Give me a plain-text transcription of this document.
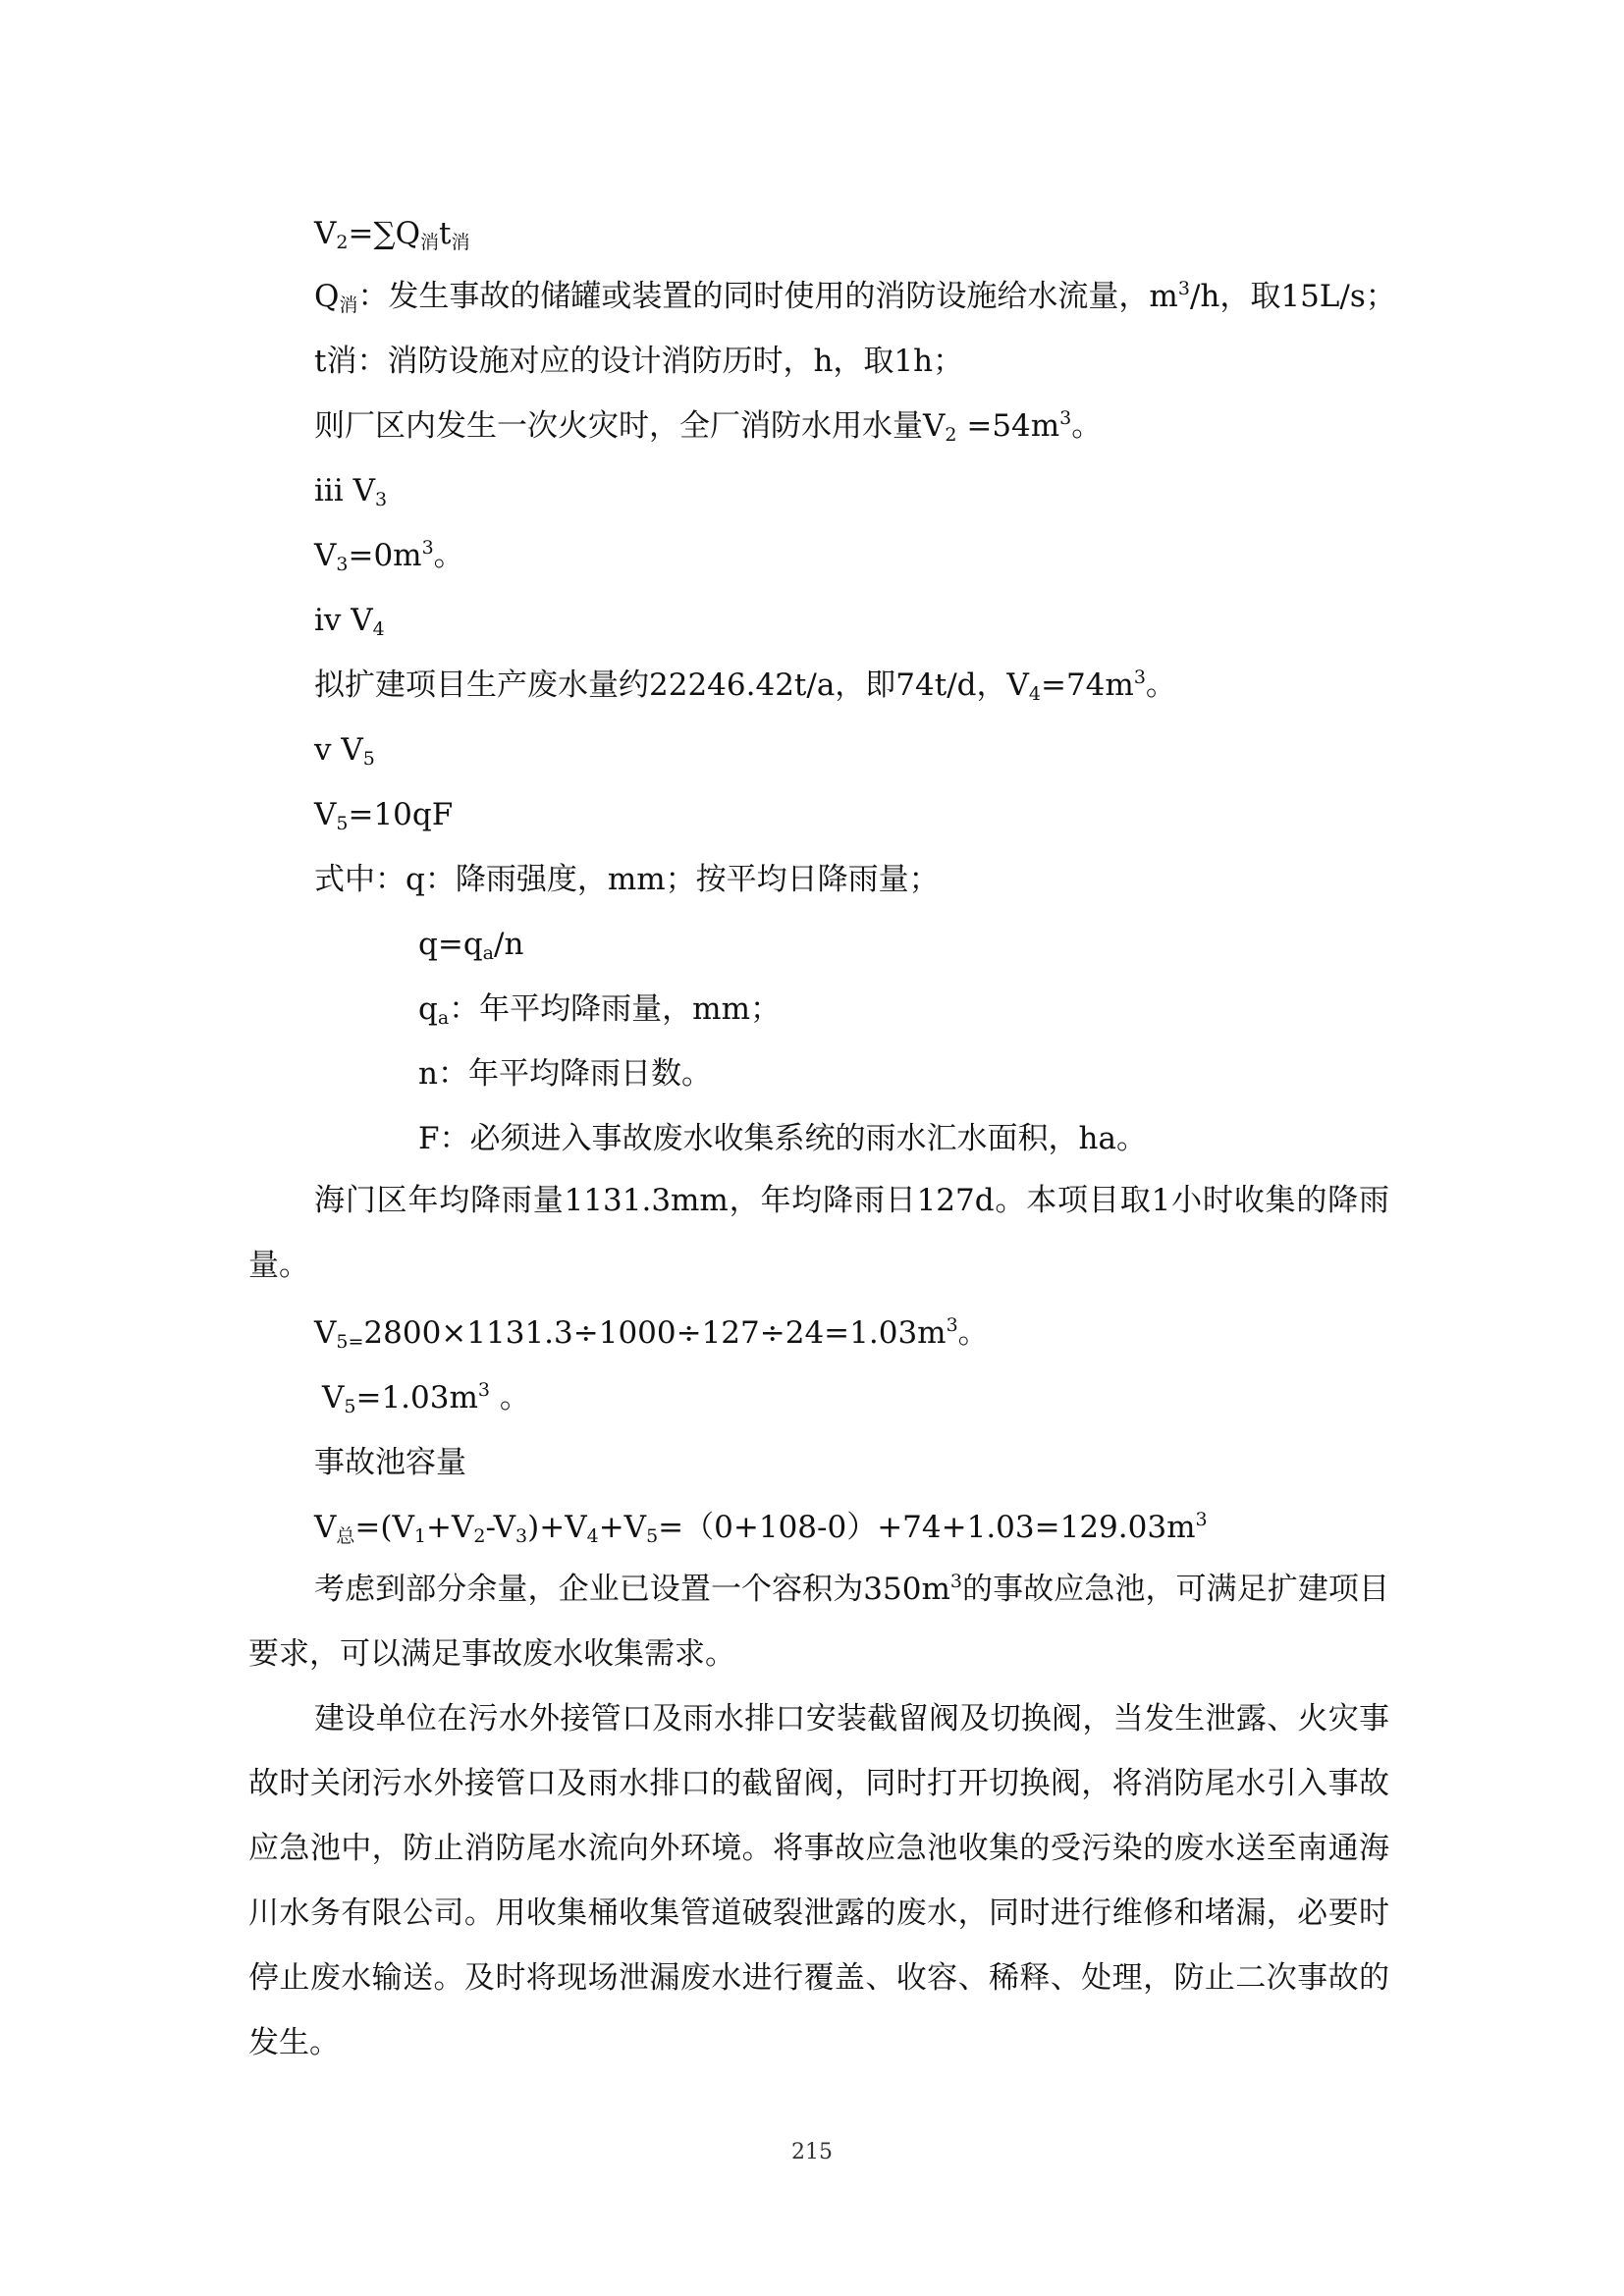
$V_2=\sum Q_消t_消$
$Q_消$：发生事故的储罐或装置的同时使用的消防设施给水流量，$m^3/h$，取15L/s；
t消：消防设施对应的设计消防历时，h，取1h；
则厂区内发生一次火灾时，全厂消防水用水量$V_2 =54m^3$。
iii $V_3$
$V_3=0m^3$。
iv $V_4$
拟扩建项目生产废水量约22246.42t/a，即74t/d，$V_4=74m^3$。
v $V_5$
$V_5=10qF$
式中：q：降雨强度，mm；按平均日降雨量；
$q=q_a/n$
$q_a$：年平均降雨量，mm；
n：年平均降雨日数。
F：必须进入事故废水收集系统的雨水汇水面积，ha。
海门区年均降雨量1131.3mm，年均降雨日127d。本项目取1小时收集的降雨量。
$V_{5=}2800\times 1131.3\div 1000\div 127\div 24=1.03m^3$。
$V_5=1.03m^3$ 。
事故池容量
$V_总=(V_1+V_2-V_3)+V_4+V_5=(0+108-0)+74+1.03=129.03m^3$
考虑到部分余量，企业已设置一个容积为$350m^3$的事故应急池，可满足扩建项目要求，可以满足事故废水收集需求。
建设单位在污水外接管口及雨水排口安装截留阀及切换阀，当发生泄露、火灾事故时关闭污水外接管口及雨水排口的截留阀，同时打开切换阀，将消防尾水引入事故应急池中，防止消防尾水流向外环境。将事故应急池收集的受污染的废水送至南通海川水务有限公司。用收集桶收集管道破裂泄露的废水，同时进行维修和堵漏，必要时停止废水输送。及时将现场泄漏废水进行覆盖、收容、稀释、处理，防止二次事故的发生。
215
